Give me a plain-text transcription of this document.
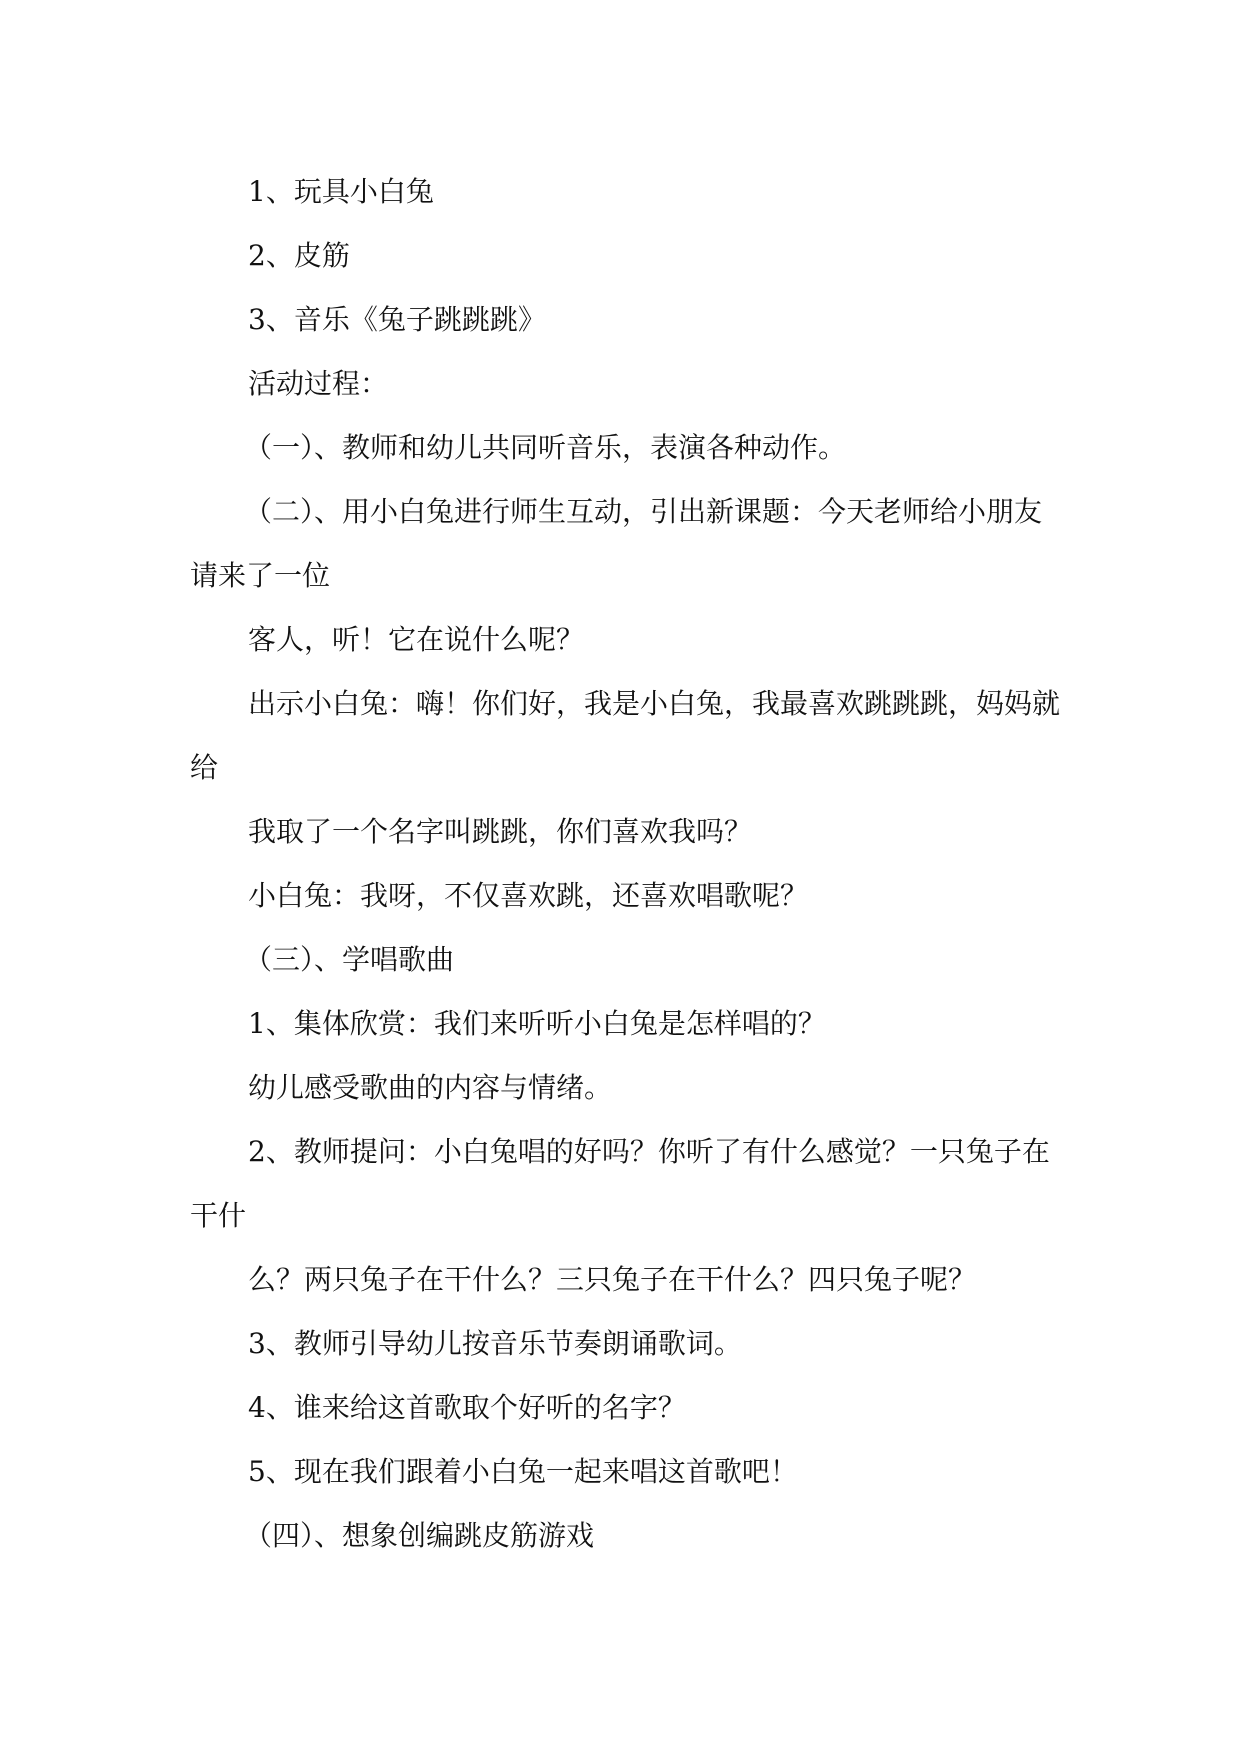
1、玩具小白兔

2、皮筋

3、音乐《兔子跳跳跳》

活动过程：

（一）、教师和幼儿共同听音乐，表演各种动作。

（二）、用小白兔进行师生互动，引出新课题：今天老师给小朋友请来了一位

客人，听！它在说什么呢？

出示小白兔：嗨！你们好，我是小白兔，我最喜欢跳跳跳，妈妈就给

我取了一个名字叫跳跳，你们喜欢我吗？

小白兔：我呀，不仅喜欢跳，还喜欢唱歌呢？

（三）、学唱歌曲

1、集体欣赏：我们来听听小白兔是怎样唱的？

幼儿感受歌曲的内容与情绪。

2、教师提问：小白兔唱的好吗？你听了有什么感觉？一只兔子在干什

么？两只兔子在干什么？三只兔子在干什么？四只兔子呢？

3、教师引导幼儿按音乐节奏朗诵歌词。

4、谁来给这首歌取个好听的名字？

5、现在我们跟着小白兔一起来唱这首歌吧！

（四）、想象创编跳皮筋游戏
